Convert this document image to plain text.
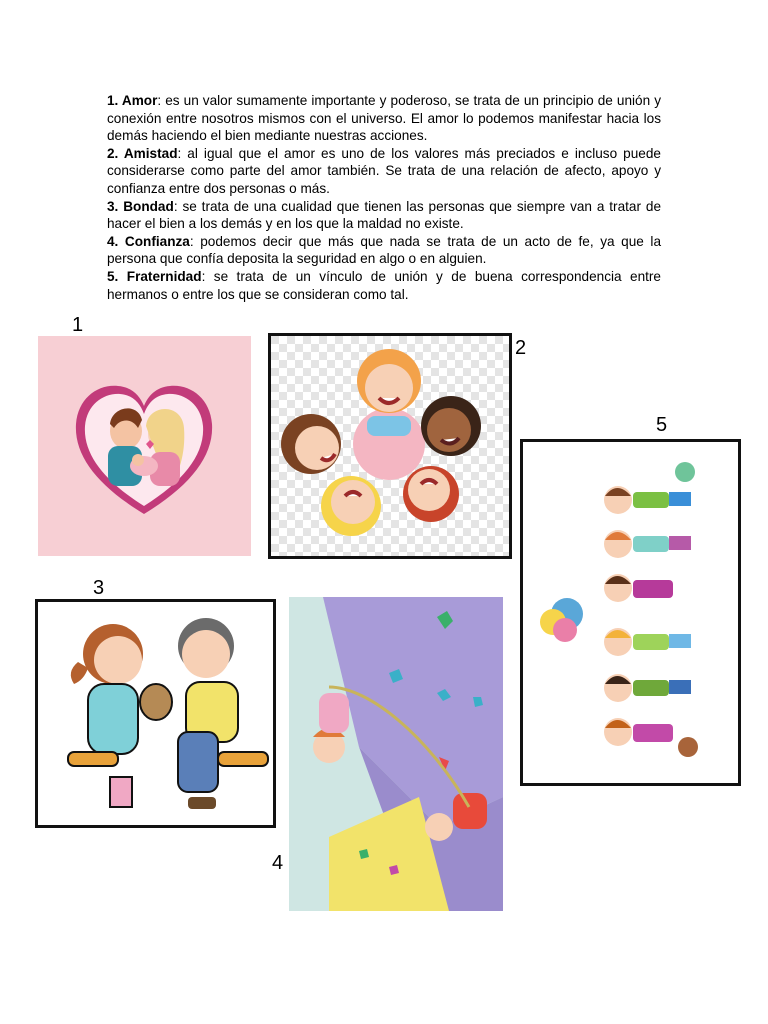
1. Amor: es un valor sumamente importante y poderoso, se trata de un principio de unión y conexión entre nosotros mismos con el universo. El amor lo podemos manifestar hacia los demás haciendo el bien mediante nuestras acciones.

2. Amistad: al igual que el amor es uno de los valores más preciados e incluso puede considerarse como parte del amor también. Se trata de una relación de afecto, apoyo y confianza entre dos personas o más.

3. Bondad: se trata de una cualidad que tienen las personas que siempre van a tratar de hacer el bien a los demás y en los que la maldad no existe.

4. Confianza: podemos decir que más que nada se trata de un acto de fe, ya que la persona que confía deposita la seguridad en algo o en alguien.

5. Fraternidad: se trata de un vínculo de unión y de buena correspondencia entre hermanos o entre los que se consideran como tal.

1
2
3
4
5
